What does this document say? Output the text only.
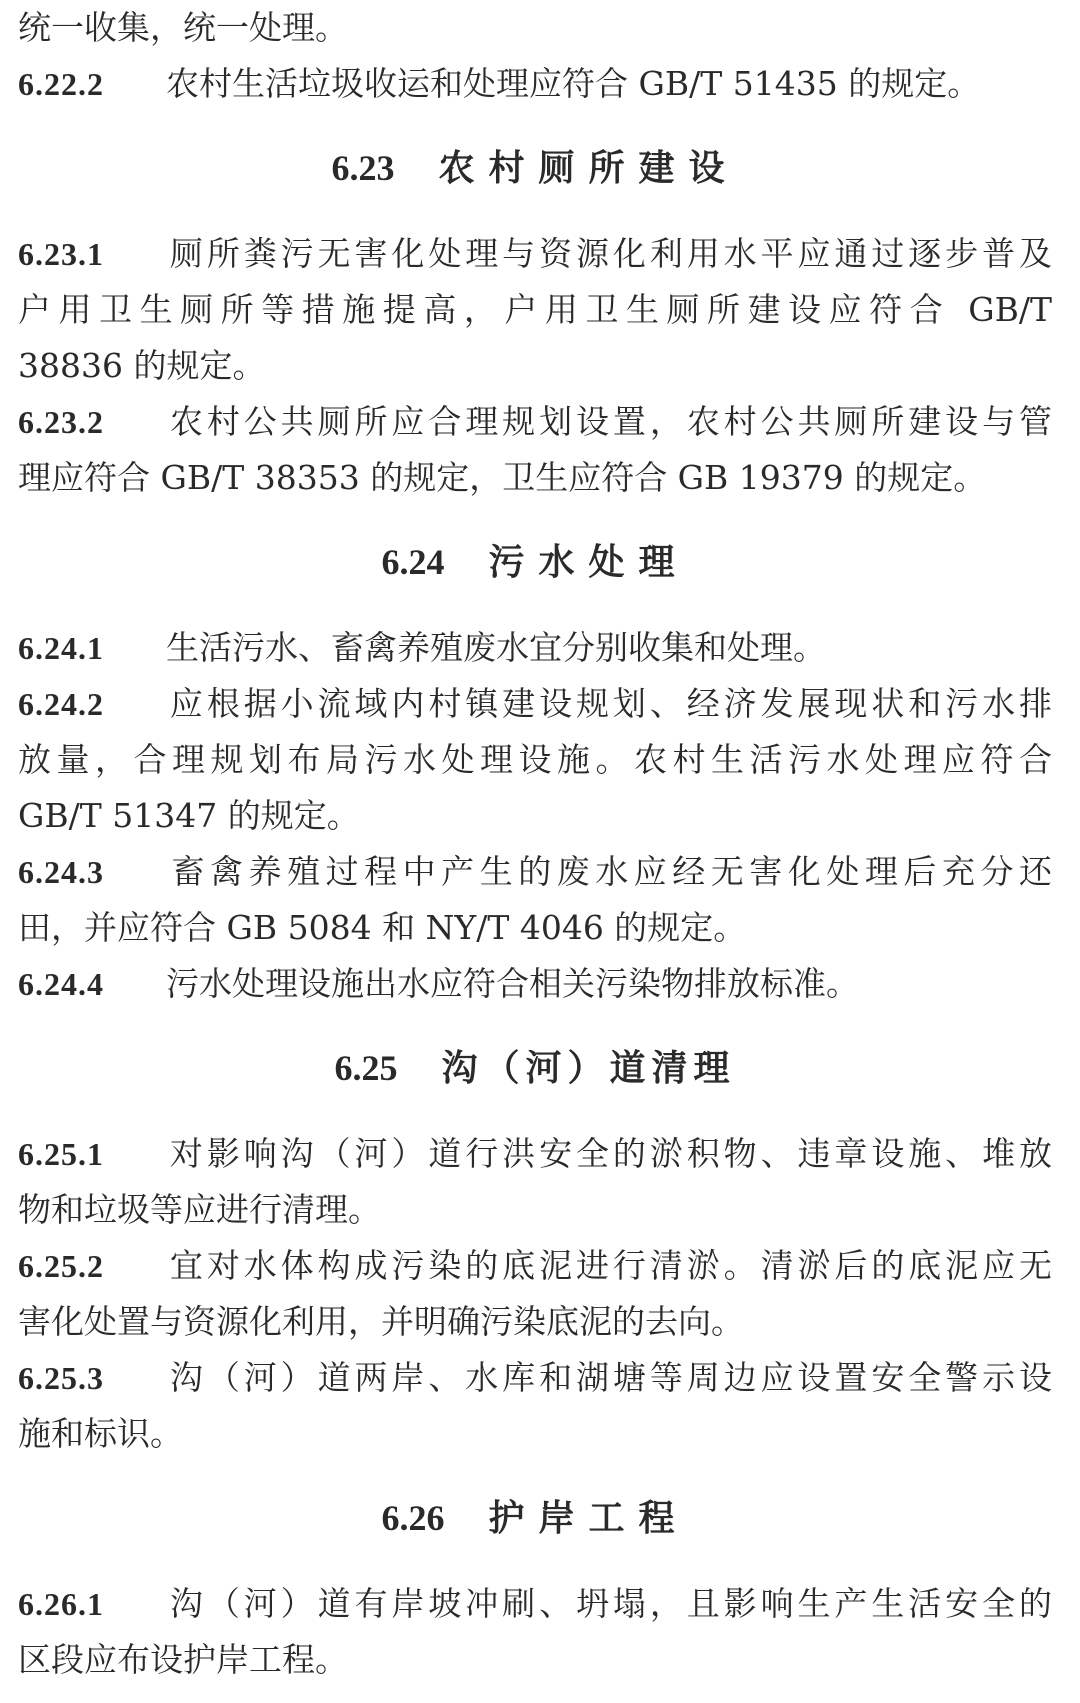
统一收集，统一处理。
6.22.2 农村生活垃圾收运和处理应符合 GB/T 51435 的规定。
6.23 农村厕所建设
6.23.1 厕所粪污无害化处理与资源化利用水平应通过逐步普及
户用卫生厕所等措施提高，户用卫生厕所建设应符合 GB/T
38836 的规定。
6.23.2 农村公共厕所应合理规划设置，农村公共厕所建设与管
理应符合 GB/T 38353 的规定，卫生应符合 GB 19379 的规定。
6.24 污水处理
6.24.1 生活污水、畜禽养殖废水宜分别收集和处理。
6.24.2 应根据小流域内村镇建设规划、经济发展现状和污水排
放量，合理规划布局污水处理设施。农村生活污水处理应符合
GB/T 51347 的规定。
6.24.3 畜禽养殖过程中产生的废水应经无害化处理后充分还
田，并应符合 GB 5084 和 NY/T 4046 的规定。
6.24.4 污水处理设施出水应符合相关污染物排放标准。
6.25 沟（河）道清理
6.25.1 对影响沟（河）道行洪安全的淤积物、违章设施、堆放
物和垃圾等应进行清理。
6.25.2 宜对水体构成污染的底泥进行清淤。清淤后的底泥应无
害化处置与资源化利用，并明确污染底泥的去向。
6.25.3 沟（河）道两岸、水库和湖塘等周边应设置安全警示设
施和标识。
6.26 护岸工程
6.26.1 沟（河）道有岸坡冲刷、坍塌，且影响生产生活安全的
区段应布设护岸工程。
